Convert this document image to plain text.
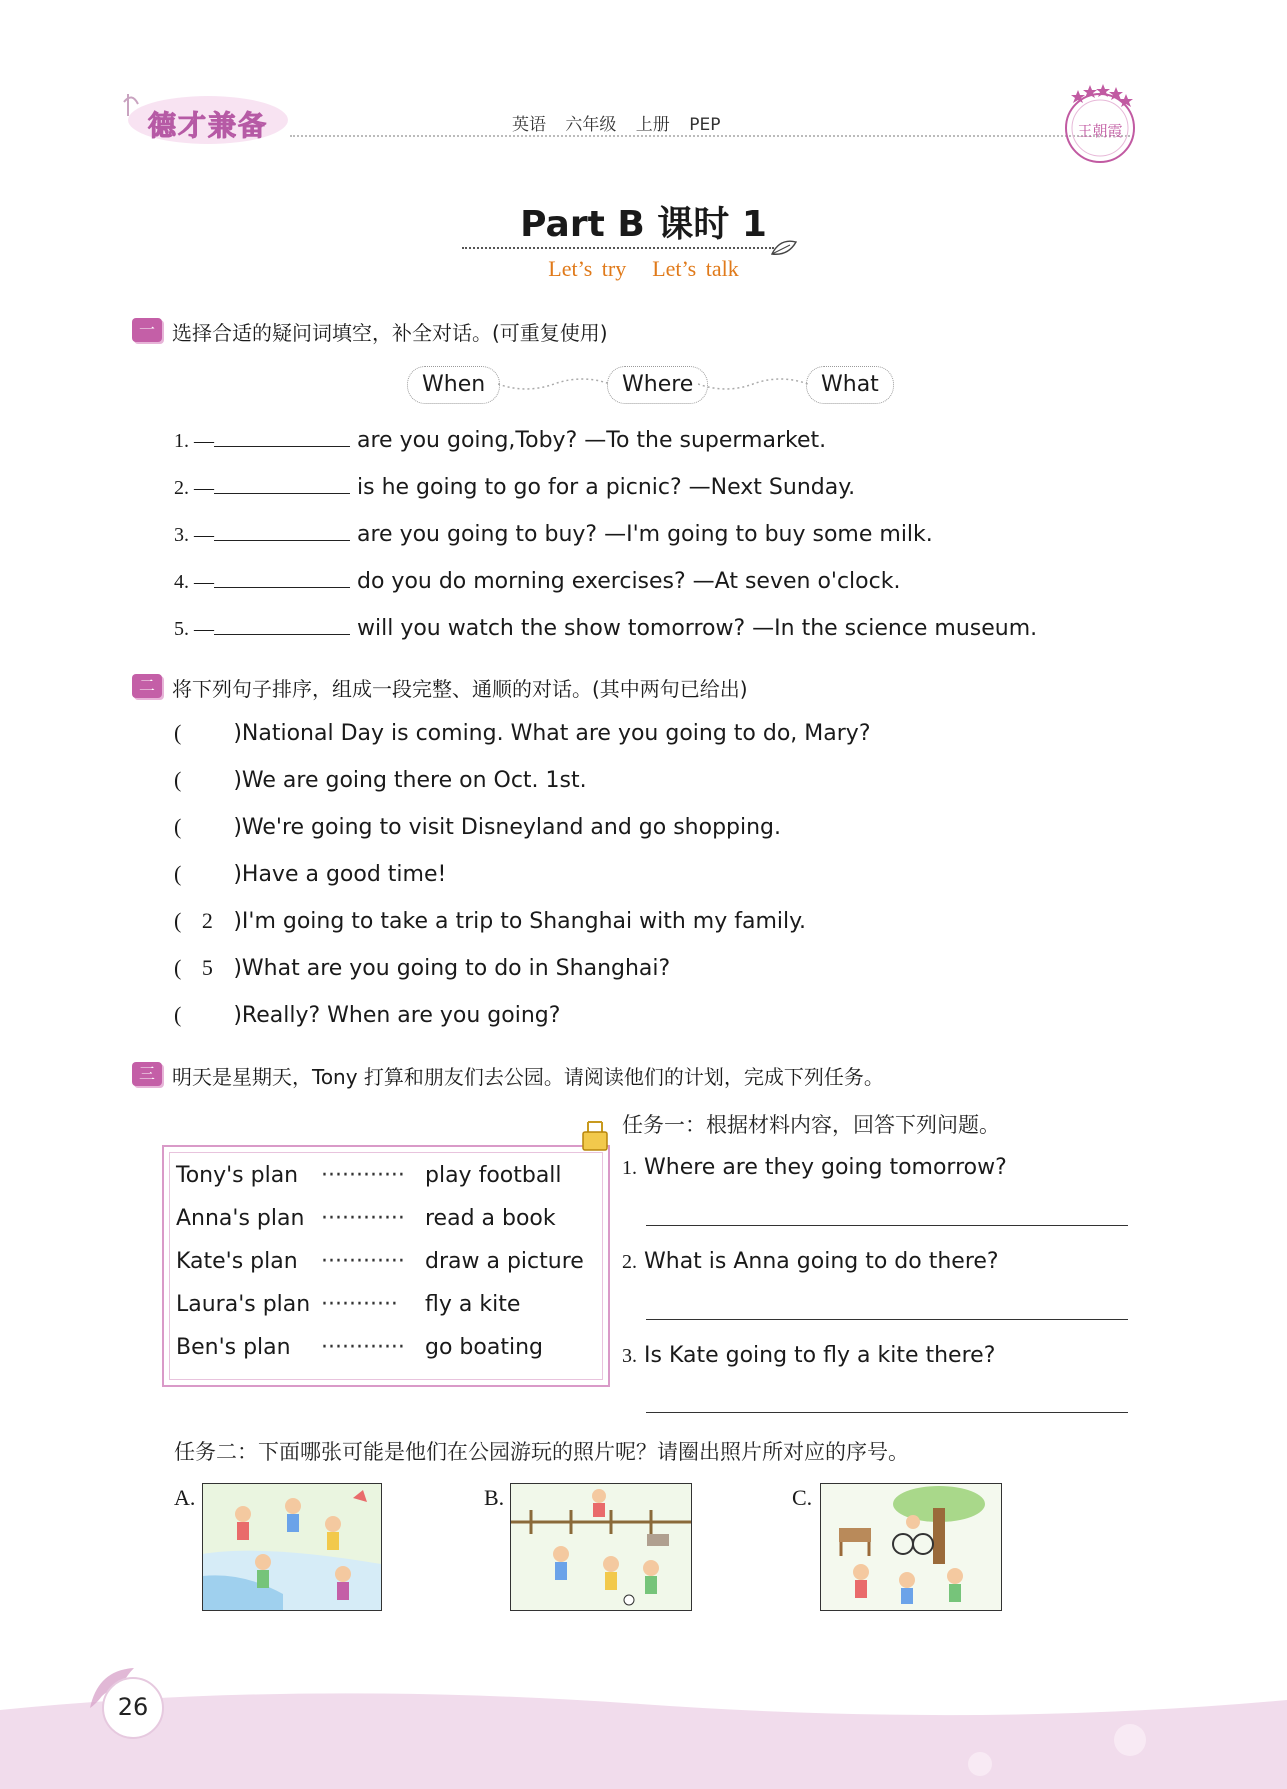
德才兼备	英语 六年级 上册 PEP	王朝霞
Part B 课时 1
Let’s try Let’s talk
一 选择合适的疑问词填空，补全对话。(可重复使用)
When	Where	What
1. —	are you going,Toby? —To the supermarket.
2. —	is he going to go for a picnic? —Next Sunday.
3. —	are you going to buy? —I'm going to buy some milk.
4. —	do you do morning exercises? —At seven o'clock.
5. —	will you watch the show tomorrow? —In the science museum.
二 将下列句子排序，组成一段完整、通顺的对话。(其中两句已给出)
( )National Day is coming. What are you going to do, Mary?
( )We are going there on Oct. 1st.
( )We're going to visit Disneyland and go shopping.
( )Have a good time!
( 2 )I'm going to take a trip to Shanghai with my family.
( 5 )What are you going to do in Shanghai?
( )Really? When are you going?
三 明天是星期天，Tony 打算和朋友们去公园。请阅读他们的计划，完成下列任务。
Tony's plan ············ play football
Anna's plan ············ read a book
Kate's plan ············ draw a picture
Laura's plan ··········· fly a kite
Ben's plan ············ go boating
任务一：根据材料内容，回答下列问题。
1. Where are they going tomorrow?
2. What is Anna going to do there?
3. Is Kate going to fly a kite there?
任务二：下面哪张可能是他们在公园游玩的照片呢？请圈出照片所对应的序号。
A.	B.	C.
26
